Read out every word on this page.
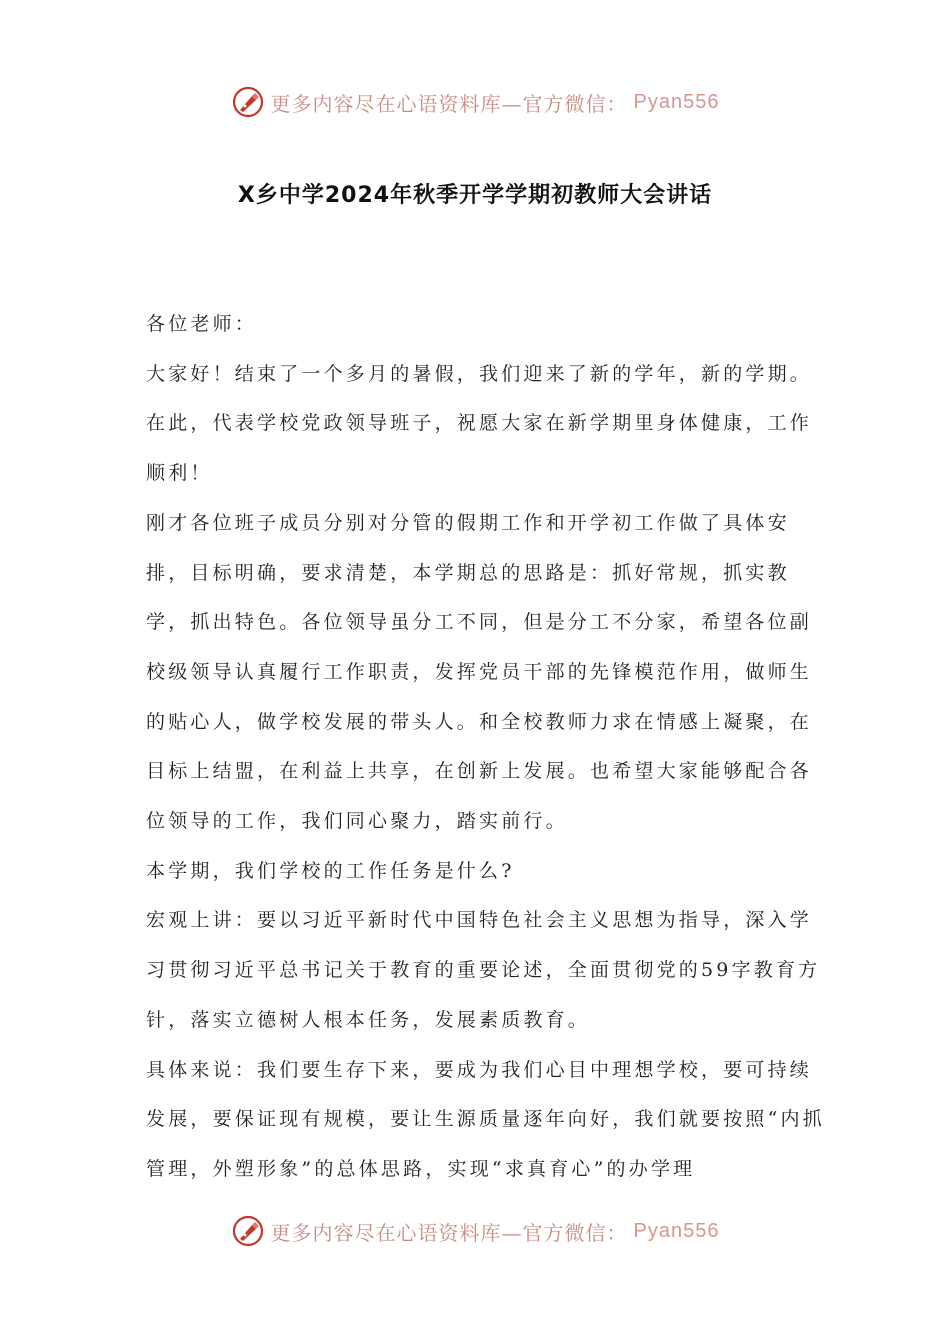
更多内容尽在心语资料库—官方微信： Pyan556
X乡中学2024年秋季开学学期初教师大会讲话

各位老师：

大家好！结束了一个多月的暑假，我们迎来了新的学年，新的学期。在此，代表学校党政领导班子，祝愿大家在新学期里身体健康，工作顺利！

刚才各位班子成员分别对分管的假期工作和开学初工作做了具体安排，目标明确，要求清楚，本学期总的思路是：抓好常规，抓实教学，抓出特色。各位领导虽分工不同，但是分工不分家，希望各位副校级领导认真履行工作职责，发挥党员干部的先锋模范作用，做师生的贴心人，做学校发展的带头人。和全校教师力求在情感上凝聚，在目标上结盟，在利益上共享，在创新上发展。也希望大家能够配合各位领导的工作，我们同心聚力，踏实前行。

本学期，我们学校的工作任务是什么?

宏观上讲：要以习近平新时代中国特色社会主义思想为指导，深入学习贯彻习近平总书记关于教育的重要论述，全面贯彻党的59字教育方针，落实立德树人根本任务，发展素质教育。

具体来说：我们要生存下来，要成为我们心目中理想学校，要可持续发展，要保证现有规模，要让生源质量逐年向好，我们就要按照“内抓管理，外塑形象”的总体思路，实现“求真育心”的办学理

更多内容尽在心语资料库—官方微信： Pyan556
